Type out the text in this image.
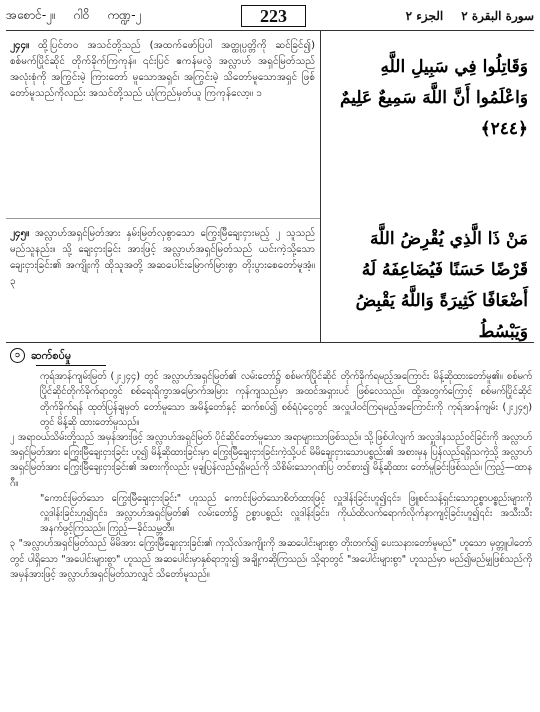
အစောင်-၂။ ဂါဝိ ကဏ္ဍ-၂	223	الجزء ٢ سورة البقرة ٢

၂၄၄။ ထို့ပြင်တဝ အသင်တို့သည် (အထက်ဖော်ပြပါ အတ္ထုပ္ပတ္တိကို ဆင်ခြင်၍) စစ်မက်ပြိုင်ဆိုင် တိုက်ခိုက်ကြကုန်။ ၎င်းပြင် ဧကန်မလွဲ အလ္လာဟ် အရှင်မြတ်သည် အလုံးစုံကို အကြွင်းမဲ့ ကြားတော် မူသောအရှင်၊ အကြွင်းမဲ့ သိတော်မူသောအရှင် ဖြစ် တော်မူသည်ကိုလည်း အသင်တို့သည် ယုံကြည်မှတ်ယူ ကြကုန်လော့။ ၁

وَقَاتِلُوا فِي سَبِيلِ اللَّهِ وَاعْلَمُوا أَنَّ اللَّهَ سَمِيعٌ عَلِيمٌ ﴿٢٤٤﴾

၂၄၅။ အလ္လာဟ်အရှင်မြတ်အား နှမ်းမြတ်လှစွာသော ကြွေးမြီချေးငှားမည့် ၂ သူသည် မည်သူနည်း။ သို့ ချေးငှားခြင်း အားဖြင့် အလ္လာဟ်အရှင်မြတ်သည် ယင်းကဲ့သို့သောချေးငှားခြင်း၏ အကျိုးကို ထိုသူအတို့ အဆပေါင်းမြောက်မြားစွာ တိုးပွားစေတော်မူအံ့။ ၃

مَنْ ذَا الَّذِي يُقْرِضُ اللَّهَ قَرْضًا حَسَنًا فَيُضَاعِفَهُ لَهُ أَضْعَافًا كَثِيرَةً وَاللَّهُ يَقْبِضُ وَيَبْسُطُ
၁ ဆက်စပ်မှု

ကုရ်အာန်ကျမ်းမြတ် (၂း၂၄၄) တွင် အလ္လာဟ်အရှင်မြတ်၏ လမ်းတော်၌ စစ်မက်ပြိုင်ဆိုင် တိုက်ခိုက်ရမည့်အကြောင်း မိန့်ဆိုထားတော်မူ၏။ စစ်မက်ပြိုင်ဆိုင်တိုက်ခိုက်ရာတွင် စစ်ရေးရိက္ခာအမြောက်အမြား ကုန်ကျသည်မှာ အထင်အရှားပင် ဖြစ်လေသည်။ ထို့အတွက်ကြောင့် စစ်မက်ပြိုင်ဆိုင် တိုက်ခိုက်ရန် ထုတ်ပြန်ချမှတ် တော်မူသော အမိန့်တော်နှင့် ဆက်စပ်၍ စစ်ရံပုံငွေတွင် အလှူပါဝင်ကြရမည့်အကြောင်းကို ကုရ်အာန်ကျမ်း (၂း၂၄၅) တွင် မိန့်ဆို ထားတော်မူသည်။

၂ အရာဝယ်သိမ်းတို့သည် အမှန်အားဖြင့် အလ္လာဟ်အရှင်မြတ် ပိုင်ဆိုင်တော်မူသော အရာများသာဖြစ်သည်။ သို့ဖြစ်ပါလျက် အလှူဒါနသည်ဝင်ခြင်းကို အလ္လာဟ်အရှင်မြတ်အား ကြွေးမြီချေးငှားခြင်း ဟူ၍ မိန့်ဆိုထားခြင်းမှာ ကြွေးမြီချေးငှားခြင်းကဲ့သို့ပင် မိမိချေးငှားသောပစ္စည်း၏ အစားမှန ပြန်လည်ရရှိသကဲ့သို့ အလ္လာဟ်အရှင်မြတ်အား ကြွေးမြီချေးငှားခြင်း၏ အစားကိုလည်း မုချပြန်လည်ရရှိမည်ကို သိစိမ်းသောဂုဏ်ပြ တင်စား၍ မိန့်ဆိုထား တော်မူခြင်းဖြစ်သည်။ ကြည့်—ထာနဂီ။

"ကောင်းမြတ်သော ကြွေးမြီချေးငှားခြင်း" ဟူသည် ကောင်းမြတ်သောစိတ်ထားဖြင့် လှူဒါန်းခြင်းဟူ၍၎င်း၊ ဖြူစင်သန့်ရှင်းသောဥစ္စာပစ္စည်းများကို လှူဒါန်းခြင်းဟူ၍၎င်း၊ အလ္လာဟ်အရှင်မြတ်၏ လမ်းတော်၌ ဥစ္စာပစ္စည်း လှူဒါန်းခြင်း၊ ကိုယ်ထိလက်ရောက်လိုက်နာကျင့်ခြင်းဟူ၍၎င်း အသီးသီးအနက်ဖွင့်ကြသည်။ ကြည့်—ခိုင်သမ္ဘတီ။

၃ "အလ္လာဟ်အရှင်မြတ်သည် မိမိအား ကြွေးမြီချေးငှားခြင်း၏ ကုသိုလ်အကျိုးကို အဆပေါင်းများစွာ တိုးတက်၍ ပေးသနားတော်မူမည်" ဟူသော မှတ္တူပါတော်တွင် ပါရှိသော "အပေါင်းများစွာ" ဟူသည် အဆပေါင်းမှာနှစ်ရာဘူး၍ အချို့ကဆိုကြသည်၊ သို့ရာတွင် "အပေါင်းများစွာ" ဟူသည်မှာ မည်၍မည်မျှဖြစ်သည်ကို အမှန်အားဖြင့် အလ္လာဟ်အရှင်မြတ်သာလျှင် သိတော်မူသည်။
